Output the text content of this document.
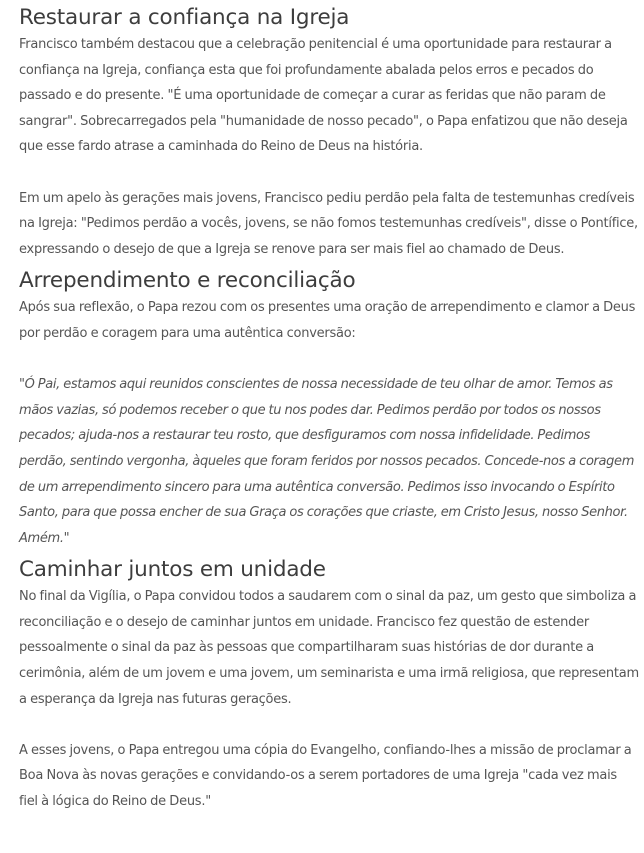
Restaurar a confiança na Igreja

Francisco também destacou que a celebração penitencial é uma oportunidade para restaurar a confiança na Igreja, confiança esta que foi profundamente abalada pelos erros e pecados do passado e do presente. "É uma oportunidade de começar a curar as feridas que não param de sangrar". Sobrecarregados pela "humanidade de nosso pecado", o Papa enfatizou que não deseja que esse fardo atrase a caminhada do Reino de Deus na história.

Em um apelo às gerações mais jovens, Francisco pediu perdão pela falta de testemunhas credíveis na Igreja: "Pedimos perdão a vocês, jovens, se não fomos testemunhas credíveis", disse o Pontífice, expressando o desejo de que a Igreja se renove para ser mais fiel ao chamado de Deus.

Arrependimento e reconciliação

Após sua reflexão, o Papa rezou com os presentes uma oração de arrependimento e clamor a Deus por perdão e coragem para uma autêntica conversão:

"Ó Pai, estamos aqui reunidos conscientes de nossa necessidade de teu olhar de amor. Temos as mãos vazias, só podemos receber o que tu nos podes dar. Pedimos perdão por todos os nossos pecados; ajuda-nos a restaurar teu rosto, que desfiguramos com nossa infidelidade. Pedimos perdão, sentindo vergonha, àqueles que foram feridos por nossos pecados. Concede-nos a coragem de um arrependimento sincero para uma autêntica conversão. Pedimos isso invocando o Espírito Santo, para que possa encher de sua Graça os corações que criaste, em Cristo Jesus, nosso Senhor. Amém."

Caminhar juntos em unidade

No final da Vigília, o Papa convidou todos a saudarem com o sinal da paz, um gesto que simboliza a reconciliação e o desejo de caminhar juntos em unidade. Francisco fez questão de estender pessoalmente o sinal da paz às pessoas que compartilharam suas histórias de dor durante a cerimônia, além de um jovem e uma jovem, um seminarista e uma irmã religiosa, que representam a esperança da Igreja nas futuras gerações.

A esses jovens, o Papa entregou uma cópia do Evangelho, confiando-lhes a missão de proclamar a Boa Nova às novas gerações e convidando-os a serem portadores de uma Igreja "cada vez mais fiel à lógica do Reino de Deus."
